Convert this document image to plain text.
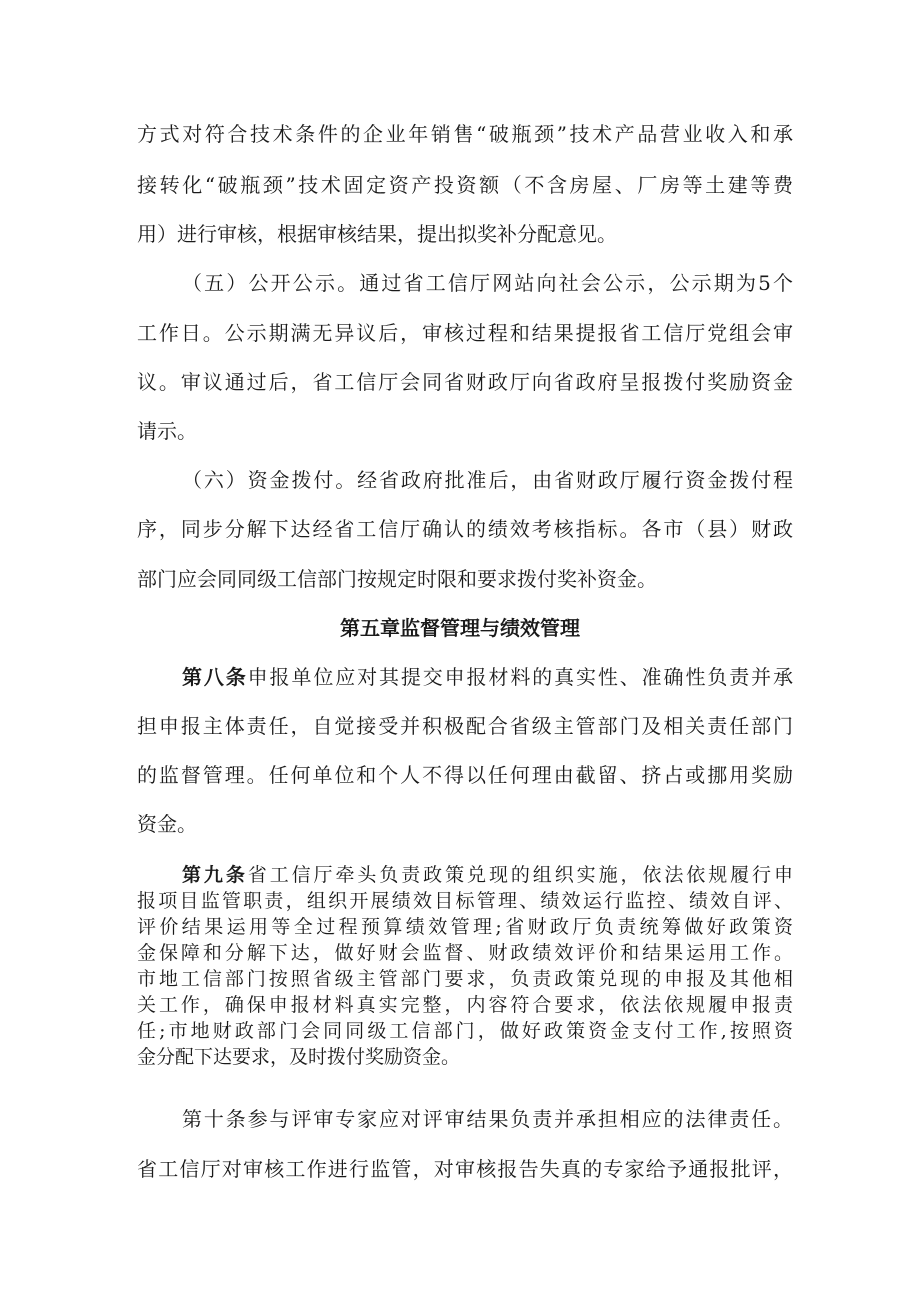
方式对符合技术条件的企业年销售“破瓶颈”技术产品营业收入和承
接转化“破瓶颈”技术固定资产投资额（不含房屋、厂房等土建等费
用）进行审核，根据审核结果，提出拟奖补分配意见。
（五）公开公示。通过省工信厅网站向社会公示，公示期为5个
工作日。公示期满无异议后，审核过程和结果提报省工信厅党组会审
议。审议通过后，省工信厅会同省财政厅向省政府呈报拨付奖励资金
请示。
（六）资金拨付。经省政府批准后，由省财政厅履行资金拨付程
序，同步分解下达经省工信厅确认的绩效考核指标。各市（县）财政
部门应会同同级工信部门按规定时限和要求拨付奖补资金。
第五章监督管理与绩效管理
第八条申报单位应对其提交申报材料的真实性、准确性负责并承
担申报主体责任，自觉接受并积极配合省级主管部门及相关责任部门
的监督管理。任何单位和个人不得以任何理由截留、挤占或挪用奖励
资金。
第九条省工信厅牵头负责政策兑现的组织实施，依法依规履行申
报项目监管职责，组织开展绩效目标管理、绩效运行监控、绩效自评、
评价结果运用等全过程预算绩效管理;省财政厅负责统筹做好政策资
金保障和分解下达，做好财会监督、财政绩效评价和结果运用工作。
市地工信部门按照省级主管部门要求，负责政策兑现的申报及其他相
关工作，确保申报材料真实完整，内容符合要求，依法依规履申报责
任;市地财政部门会同同级工信部门，做好政策资金支付工作,按照资
金分配下达要求，及时拨付奖励资金。
第十条参与评审专家应对评审结果负责并承担相应的法律责任。
省工信厅对审核工作进行监管，对审核报告失真的专家给予通报批评，
